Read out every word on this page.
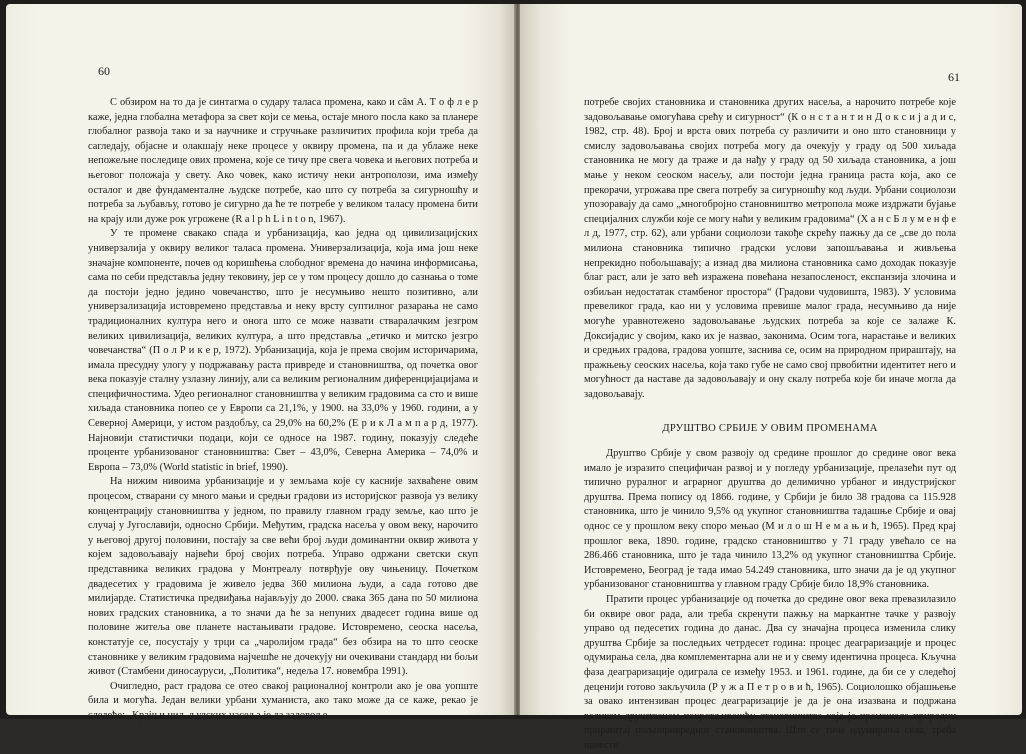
60

С обзиром на то да је синтагма о судару таласа промена, како и сâм А. Т о ф л е р каже, једна глобална метафора за свет који се мења, остаје много посла како за планере глобалног развоја тако и за научнике и стручњаке различитих профила који треба да сагледају, објасне и олакшају неке процесе у оквиру промена, па и да ублаже неке непожељне последице ових промена, које се тичу пре свега човека и његових потреба и његовог положаја у свету. Ако човек, како истичу неки антрополози, има између осталог и две фундаменталне људске потребе, као што су потреба за сигурношћу и потреба за љубављу, готово је сигурно да ће те потребе у великом таласу промена бити на крају или дуже рок угрожене (R a l p h L i n t o n, 1967).

У те промене свакако спада и урбанизација, као једна од цивилизацијских универзалија у оквиру великог таласа промена. Универзализација, која има још неке значајне компоненте, почев од коришћења слободног времена до начина информисања, сама по себи представља једну тековину, јер се у том процесу дошло до сазнања о томе да постоји једно једино човечанство, што је несумњиво нешто позитивно, али универзализација истовремено представља и неку врсту суптилног разарања не само традиционалних култура него и онога што се може назвати стваралачким језгром великих цивилизација, великих култура, а што представља „етичко и митско језгро човечанства“ (П о л Р и к е р, 1972). Урбанизација, која је према својим историчарима, имала пресудну улогу у подржавању раста привреде и становништва, од почетка овог века показује сталну узлазну линију, али са великим регионалним диференцијацијама и специфичностима. Удео регионалног становништва у великим градовима са сто и више хиљада становника попео се у Европи са 21,1%, у 1900. на 33,0% у 1960. години, а у Северној Америци, у истом раздобљу, са 29,0% на 60,2% (Е р и к Л а м п а р д, 1977). Најновији статистички подаци, који се односе на 1987. годину, показују следеће проценте урбанизованог становништва: Свет – 43,0%, Северна Америка – 74,0% и Европа – 73,0% (World statistic in brief, 1990).

На нижим нивоима урбанизације и у земљама које су касније захваћене овим процесом, стварани су много мањи и средњи градови из историјског развоја уз велику концентрацију становништва у једном, по правилу главном граду земље, као што је случај у Југославији, односно Србији. Међутим, градска насеља у овом веку, нарочито у његовој другој половини, постају за све већи број људи доминантни оквир живота у којем задовољавају највећи број својих потреба. Управо одржани светски скуп представника великих градова у Монтреалу потврђује ову чињеницу. Почетком двадесетих у градовима је живело једва 360 милиона људи, а сада готово две милијарде. Статистичка предвиђања најављују до 2000. свака 365 дана по 50 милиона нових градских становника, а то значи да ће за непуних двадесет година више од половине житеља ове планете настањивати градове. Истовремено, сеоска насеља, констатује се, посустају у трци са „чаролијом града“ без обзира на то што сеоске становнике у великим градовима најчешће не дочекују ни очекивани стандард ни бољи живот (Стамбени диносауруси, „Политика“, недеља 17. новембра 1991).

Очигледно, раст градова се отео свакој рационалној контроли ако је ова уопште била и могућа. Један велики урбани хуманиста, ако тако може да се каже, рекао је следеће: „Крајњи циљ људских насеља је да задовоље

61

потребе својих становника и становника других насеља, а нарочито потребе које задовољавање омогућава срећу и сигурност“ (К о н с т а н т и н Д о к с и ј а д и с, 1982, стр. 48). Број и врста ових потреба су различити и оно што становници у смислу задовољавања својих потреба могу да очекују у граду од 500 хиљада становника не могу да траже и да нађу у граду од 50 хиљада становника, а још мање у неком сеоском насељу, али постоји једна граница раста која, ако се прекорачи, угрожава пре свега потребу за сигурношћу код људи. Урбани социолози упозоравају да само „многобројно становништво метропола може издржати бујање специјалних служби које се могу наћи у великим градовима“ (Х а н с Б л у м е н ф е л д, 1977, стр. 62), али урбани социолози такође скрећу пажњу да се „све до пола милиона становника типично градски услови запошљавања и живљења непрекидно побољшавају; а изнад два милиона становника само доходак показује благ раст, али је зато већ изражена повећана незапосленост, експанзија злочина и озбиљан недостатак стамбеног простора“ (Градови чудовишта, 1983). У условима превеликог града, као ни у условима превише малог града, несумњиво да није могуће уравнотежено задовољавање људских потреба за које се залаже К. Доксијадис у својим, како их је назвао, законима. Осим тога, нарастање и великих и средњих градова, градова уопште, заснива се, осим на природном прираштају, на пражњењу сеоских насеља, која тако губе не само свој првобитни идентитет него и могућност да наставе да задовољавају и ону скалу потреба које би иначе могла да задовољавају.

ДРУШТВО СРБИЈЕ У ОВИМ ПРОМЕНАМА

Друштво Србије у свом развоју од средине прошлог до средине овог века имало је изразито специфичан развој и у погледу урбанизације, прелазећи пут од типично руралног и аграрног друштва до делимично урбаног и индустријског друштва. Према попису од 1866. године, у Србији је било 38 градова са 115.928 становника, што је чинило 9,5% од укупног становништва тадашње Србије и овај однос се у прошлом веку споро мењао (М и л о ш Н е м а њ и ћ, 1965). Пред крај прошлог века, 1890. године, градско становништво у 71 граду увећало се на 286.466 становника, што је тада чинило 13,2% од укупног становништва Србије. Истовремено, Београд је тада имао 54.249 становника, што значи да је од укупног урбанизованог становништва у главном граду Србије било 18,9% становника.

Пратити процес урбанизације од почетка до средине овог века превазилазило би оквире овог рада, али треба скренути пажњу на маркантне тачке у развоју управо од педесетих година до данас. Два су значајна процеса изменила слику друштва Србије за последњих четрдесет година: процес деаграризације и процес одумирања села, два комплементарна али не и у свему идентична процеса. Кључна фаза деаграризације одиграла се између 1953. и 1961. године, да би се у следећој деценији готово закључила (Р у ж а П е т р о в и ћ, 1965). Социолошко објашњење за овако интензиван процес деаграризације је да је она изазвана и подржана великом друштвеном покретљивошћу становништва која је премашала природни прираштај пољопривредног становништва. Што се тиче одумирања села, треба навести
